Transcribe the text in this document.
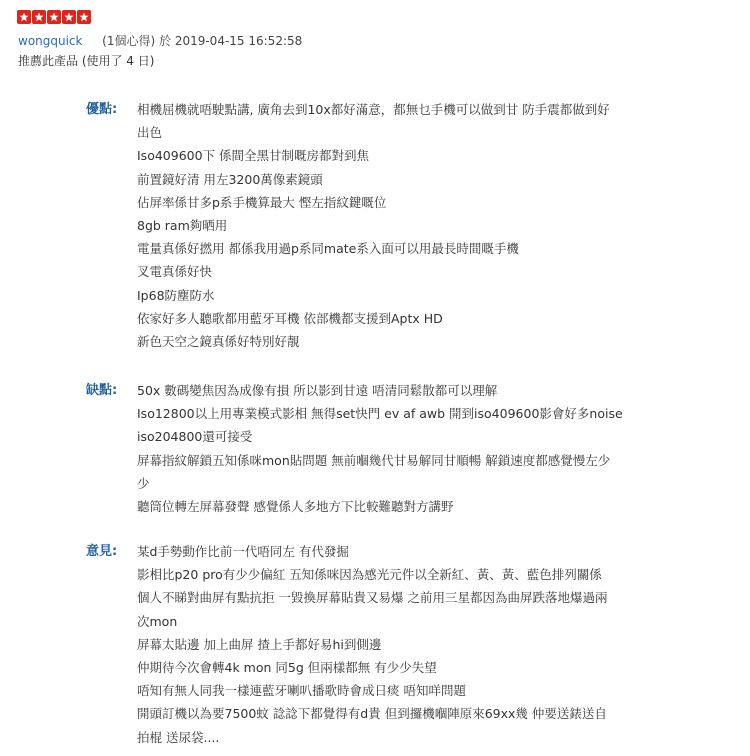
wongquick (1個心得) 於 2019-04-15 16:52:58
推薦此產品 (使用了 4 日)
優點: 相機屈機就唔駛點講, 廣角去到10x都好滿意，都無乜手機可以做到甘 防手震都做到好
出色
Iso409600下 係間全黑甘制嘅房都對到焦
前置鏡好清 用左3200萬像素鏡頭
佔屏率係甘多p系手機算最大 慳左指紋鍵嘅位
8gb ram夠晒用
電量真係好撚用 都係我用過p系同mate系入面可以用最長時間嘅手機
叉電真係好快
Ip68防塵防水
依家好多人聽歌都用藍牙耳機 依部機都支援到Aptx HD
新色天空之鏡真係好特別好靚
缺點: 50x 數碼變焦因為成像有損 所以影到甘遠 唔清同鬆散都可以理解
Iso12800以上用專業模式影相 無得set快門 ev af awb 開到iso409600影會好多noise
iso204800還可接受
屏幕指紋解鎖五知係咪mon貼問題 無前嗰幾代甘易解同甘順暢 解鎖速度都感覺慢左少
少
聽筒位轉左屏幕發聲 感覺係人多地方下比較難聽對方講野
意見: 某d手勢動作比前一代唔同左 有代發掘
影相比p20 pro有少少偏紅 五知係咪因為感光元件以全新紅、黃、黃、藍色排列關係
個人不睇對曲屏有點抗拒 一毀換屏幕貼貴又易爆 之前用三星都因為曲屏跌落地爆過兩
次mon
屏幕太貼邊 加上曲屏 揸上手都好易hi到側邊
仲期待今次會轉4k mon 同5g 但兩樣都無 有少少失望
唔知有無人同我一樣連藍牙喇叭播歌時會成日痰 唔知咩問題
開頭訂機以為要7500蚊 諗諗下都覺得有d貴 但到攞機嗰陣原來69xx幾 仲要送錶送自
拍棍 送尿袋....
